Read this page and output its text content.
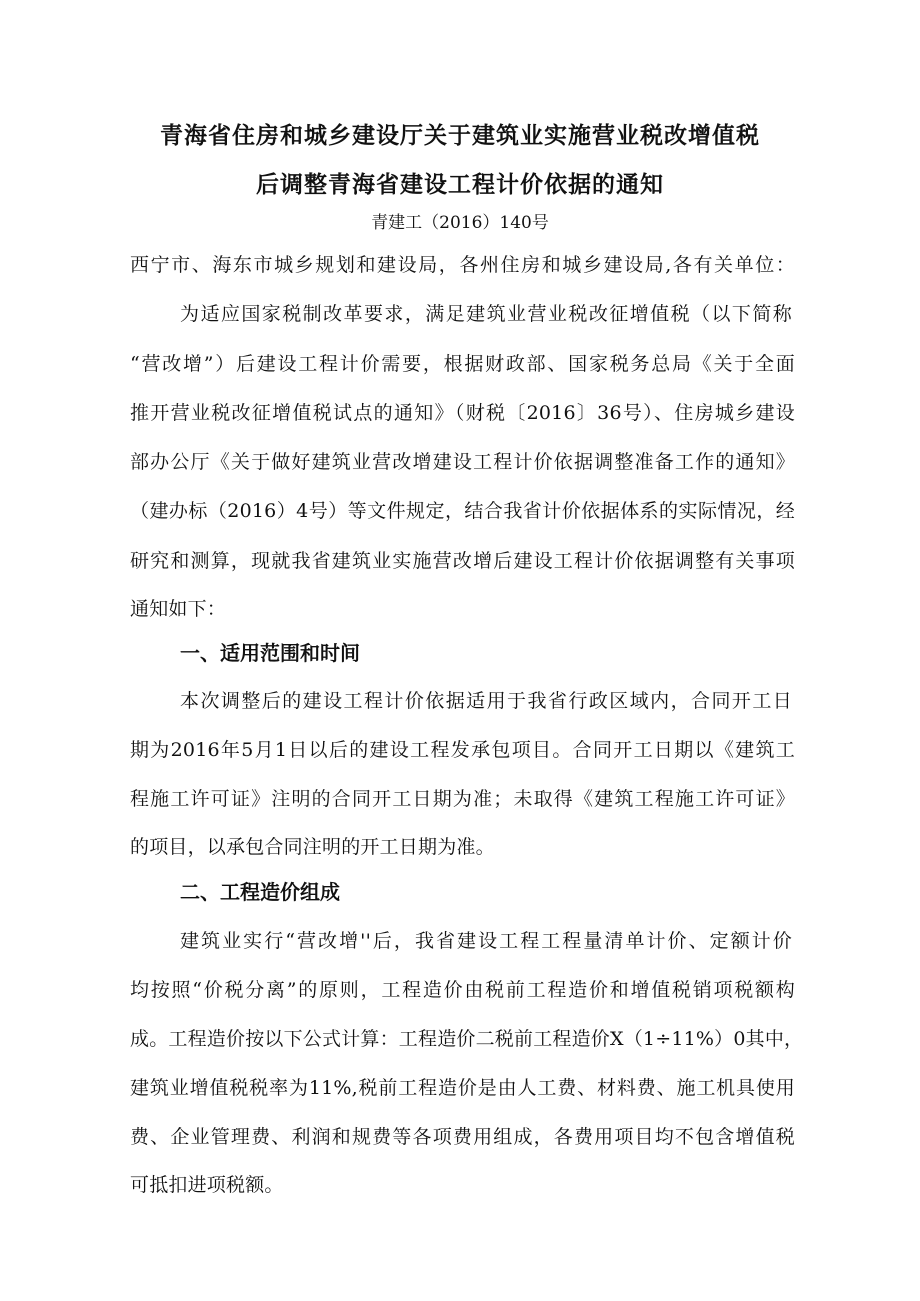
青海省住房和城乡建设厅关于建筑业实施营业税改增值税
后调整青海省建设工程计价依据的通知
青建工（2016）140号
西宁市、海东市城乡规划和建设局，各州住房和城乡建设局,各有关单位：
为适应国家税制改革要求，满足建筑业营业税改征增值税（以下简称
“营改增”）后建设工程计价需要，根据财政部、国家税务总局《关于全面
推开营业税改征增值税试点的通知》（财税〔2016〕36号）、住房城乡建设
部办公厅《关于做好建筑业营改增建设工程计价依据调整准备工作的通知》
（建办标（2016）4号）等文件规定，结合我省计价依据体系的实际情况，经
研究和测算，现就我省建筑业实施营改增后建设工程计价依据调整有关事项
通知如下：
一、适用范围和时间
本次调整后的建设工程计价依据适用于我省行政区域内，合同开工日
期为2016年5月1日以后的建设工程发承包项目。合同开工日期以《建筑工
程施工许可证》注明的合同开工日期为准；未取得《建筑工程施工许可证》
的项目，以承包合同注明的开工日期为准。
二、工程造价组成
建筑业实行“营改增''后，我省建设工程工程量清单计价、定额计价
均按照“价税分离”的原则，工程造价由税前工程造价和增值税销项税额构
成。工程造价按以下公式计算：工程造价二税前工程造价X（1÷11%）0其中，
建筑业增值税税率为11%,税前工程造价是由人工费、材料费、施工机具使用
费、企业管理费、利润和规费等各项费用组成，各费用项目均不包含增值税
可抵扣进项税额。
